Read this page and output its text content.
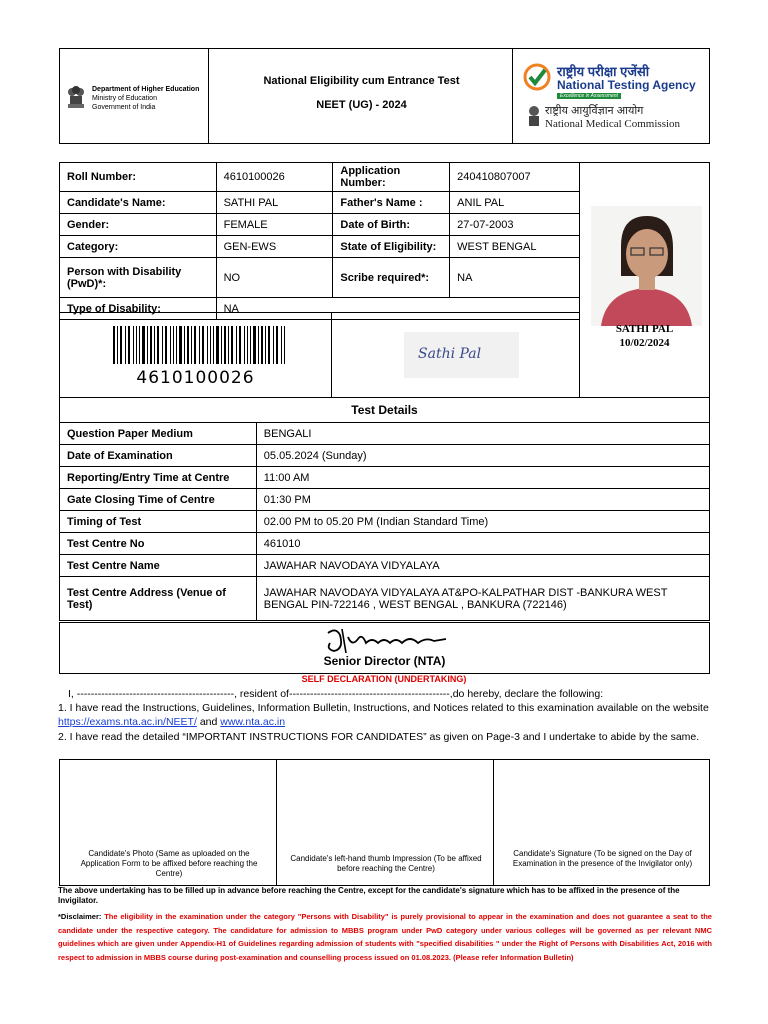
Department of Higher Education
Ministry of Education
Government of India
National Eligibility cum Entrance Test
NEET (UG) - 2024
राष्ट्रीय परीक्षा एजेंसी
National Testing Agency
Excellence in Assessment
राष्ट्रीय आयुर्विज्ञान आयोग
National Medical Commission
Roll Number:	4610100026	Application Number:	240410807007
Candidate's Name:	SATHI PAL	Father's Name :	ANIL PAL
Gender:	FEMALE	Date of Birth:	27-07-2003
Category:	GEN-EWS	State of Eligibility:	WEST BENGAL
Person with Disability (PwD)*:	NO	Scribe required*:	NA
Type of Disability:	NA		
SATHI PAL
10/02/2024
4610100026
Sathi Pal
Test Details
Question Paper Medium	BENGALI
Date of Examination	05.05.2024 (Sunday)
Reporting/Entry Time at Centre	11:00 AM
Gate Closing Time of Centre	01:30 PM
Timing of Test	02.00 PM to 05.20 PM (Indian Standard Time)
Test Centre No	461010
Test Centre Name	JAWAHAR NAVODAYA VIDYALAYA
Test Centre Address (Venue of Test)	JAWAHAR NAVODAYA VIDYALAYA AT&PO-KALPATHAR DIST -BANKURA WEST BENGAL PIN-722146 , WEST BENGAL , BANKURA (722146)
Senior Director (NTA)
SELF DECLARATION (UNDERTAKING)
I, ---------------------------------------------, resident of----------------------------------------------,do hereby, declare the following:
1. I have read the Instructions, Guidelines, Information Bulletin, Instructions, and Notices related to this examination available on the website https://exams.nta.ac.in/NEET/ and www.nta.ac.in
2. I have read the detailed “IMPORTANT INSTRUCTIONS FOR CANDIDATES” as given on Page-3 and I undertake to abide by the same.
Candidate's Photo (Same as uploaded on the Application Form to be affixed before reaching the Centre)
Candidate's left-hand thumb Impression (To be affixed before reaching the Centre)
Candidate's Signature (To be signed on the Day of Examination in the presence of the Invigilator only)
The above undertaking has to be filled up in advance before reaching the Centre, except for the candidate's signature which has to be affixed in the presence of the Invigilator.
*Disclaimer: The eligibility in the examination under the category "Persons with Disability" is purely provisional to appear in the examination and does not guarantee a seat to the candidate under the respective category. The candidature for admission to MBBS program under PwD category under various colleges will be governed as per relevant NMC guidelines which are given under Appendix-H1 of Guidelines regarding admission of students with "specified disabilities " under the Right of Persons with Disabilities Act, 2016 with respect to admission in MBBS course during post-examination and counselling process issued on 01.08.2023. (Please refer Information Bulletin)
